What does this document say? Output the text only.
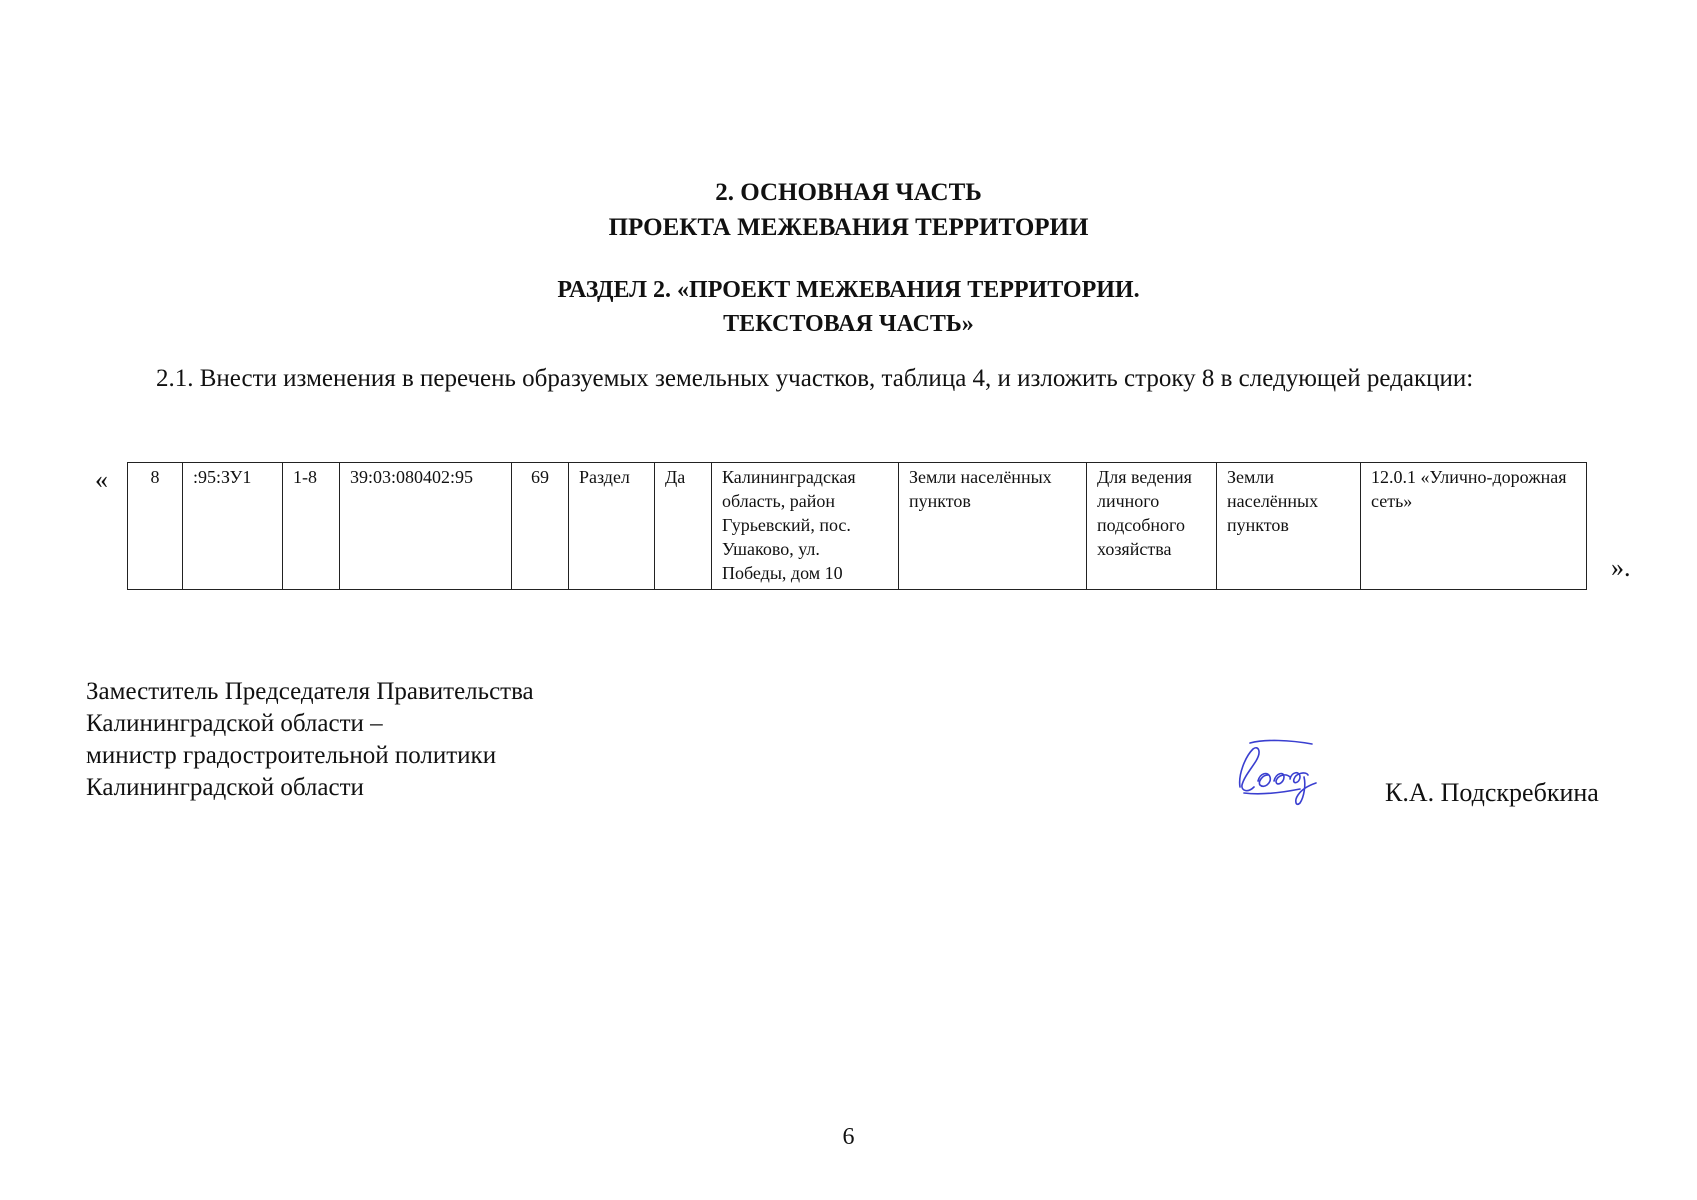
2. ОСНОВНАЯ ЧАСТЬ
ПРОЕКТА МЕЖЕВАНИЯ ТЕРРИТОРИИ
РАЗДЕЛ 2. «ПРОЕКТ МЕЖЕВАНИЯ ТЕРРИТОРИИ.
ТЕКСТОВАЯ ЧАСТЬ»

2.1. Внести изменения в перечень образуемых земельных участков, таблица 4, и изложить строку 8 в следующей редакции:

« 8	:95:ЗУ1	1-8	39:03:080402:95	69	Раздел	Да	Калининградская область, район Гурьевский, пос. Ушаково, ул. Победы, дом 10	Земли населённых пунктов	Для ведения личного подсобного хозяйства	Земли населённых пунктов	12.0.1 «Улично-дорожная сеть»
».
Заместитель Председателя Правительства
Калининградской области –
министр градостроительной политики
Калининградской области	К.А. Подскребкина
6
